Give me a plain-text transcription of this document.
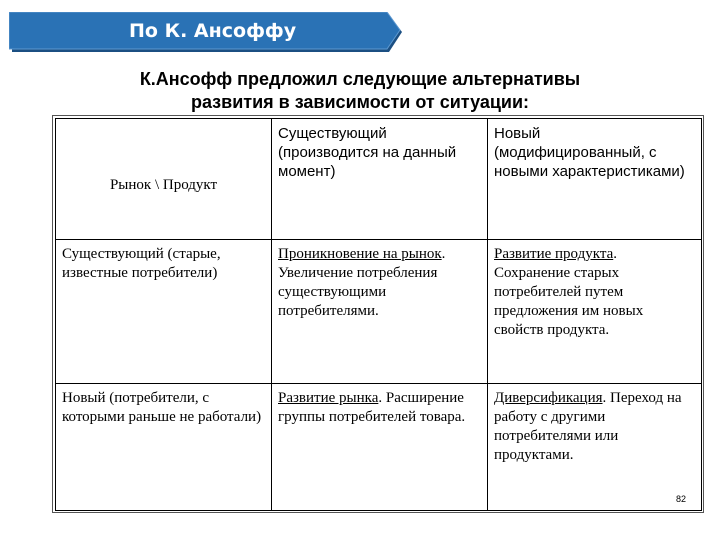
По К. Ансоффу
К.Ансофф предложил следующие альтернативы
развития в зависимости от ситуации:
Рынок \ Продукт	Существующий (производится на данный момент)	Новый (модифицированный, с новыми характеристиками)
Существующий (старые, известные потребители)	Проникновение на рынок. Увеличение потребления существующими потребителями.	Развитие продукта. Сохранение старых потребителей путем предложения им новых свойств продукта.
Новый (потребители, с которыми раньше не работали)	Развитие рынка. Расширение группы потребителей товара.	Диверсификация. Переход на работу с другими потребителями или продуктами.
82
